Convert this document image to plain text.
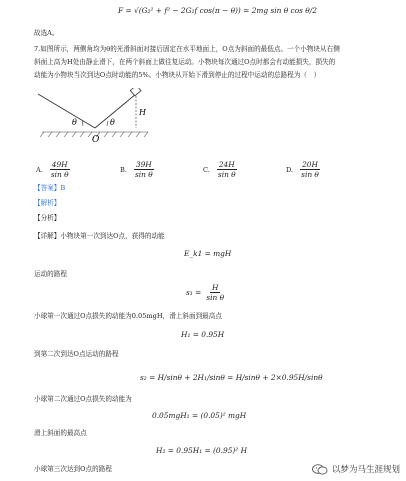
F = √(G₂² + f² − 2G₂f cos(π − θ)) = 2mg sin θ cos θ/2
故选A。
7.如图所示，两侧角均为θ的光滑斜面对接后固定在水平地面上，O点为斜面的最低点。一个小物块从右侧
斜面上高为H处由静止滑下，在两个斜面上做往复运动。小物块每次通过O点时都会有动能损失，损失的
动能为小物块当次到达O点时动能的5%。小物块从开始下滑到停止的过程中运动的总路程为（　）
θ	θ
H
O
A. $\frac{49H}{\text{sin θ}}$	B. $\frac{39H}{\text{sin θ}}$	C. $\frac{24H}{\text{sin θ}}$	D. $\frac{20H}{\text{sin θ}}$
【答案】B
【解析】
【分析】
【详解】小物块第一次到达O点，获得的动能
E_k1 = mgH
运动的路程
$s_1 = \frac{H}{\text{sin θ}}$
小球第一次通过O点损失的动能为0.05mgH，滑上斜面到最高点
H₁ = 0.95H
到第二次到达O点运动的路程
s₂ = H/sinθ + 2H₁/sinθ = H/sinθ + 2×0.95H/sinθ
小球第二次通过O点损失的动能为
0.05mgH₁ = (0.05)² mgH
滑上斜面的最高点
H₂ = 0.95H₁ = (0.95)² H
小球第三次达到O点的路程	以梦为马生涯规划
